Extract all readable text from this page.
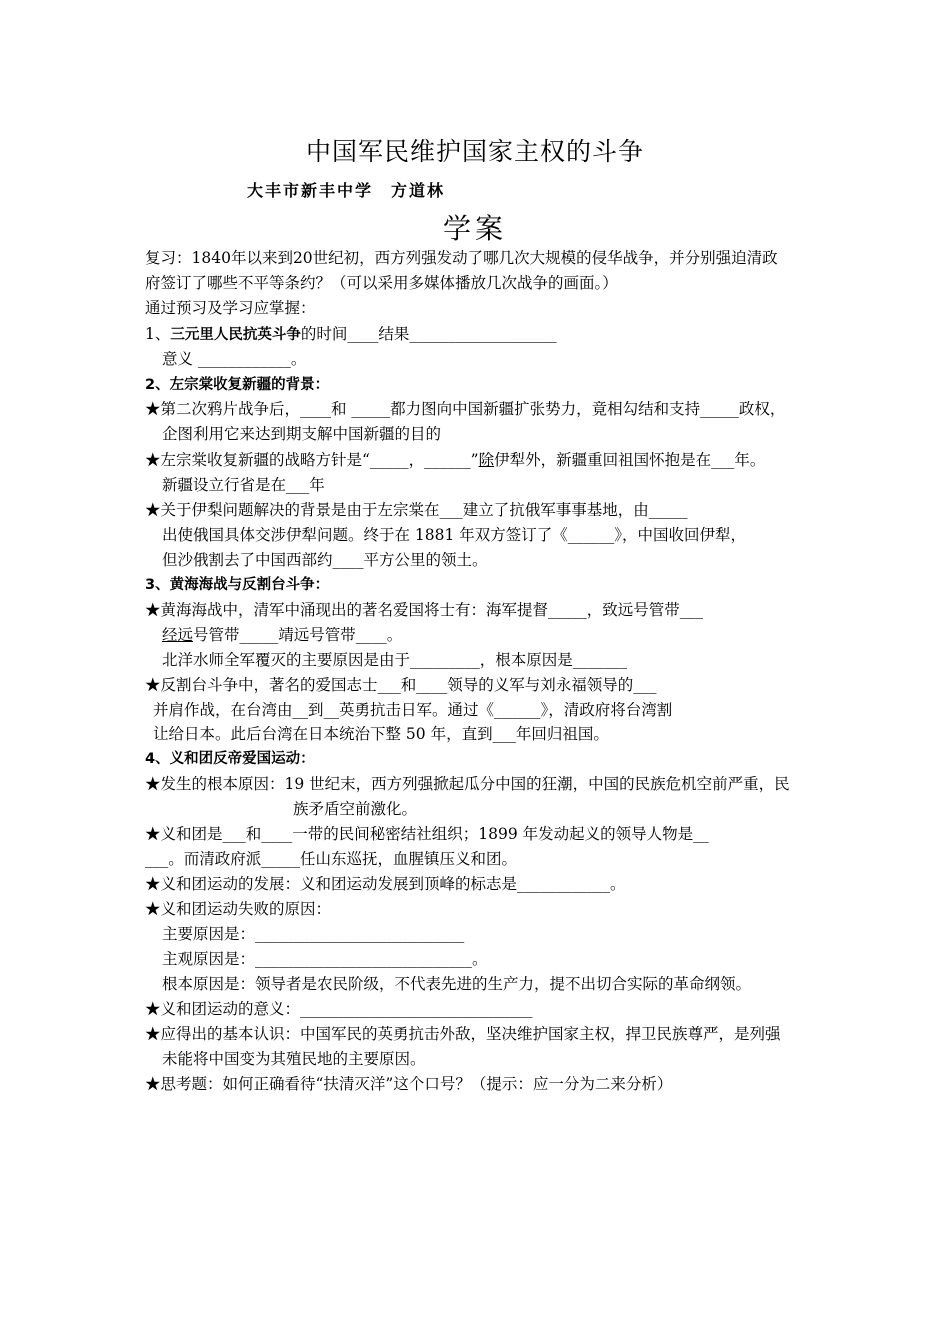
中国军民维护国家主权的斗争
大丰市新丰中学　方道林
学案
复习：1840年以来到20世纪初，西方列强发动了哪几次大规模的侵华战争，并分别强迫清政
府签订了哪些不平等条约？（可以采用多媒体播放几次战争的画面。）
通过预习及学习应掌握：
1、三元里人民抗英斗争的时间____结果___________________
意义 ____________。
2、左宗棠收复新疆的背景：
★第二次鸦片战争后，____和 _____都力图向中国新疆扩张势力，竟相勾结和支持_____政权，
企图利用它来达到期支解中国新疆的目的
★左宗棠收复新疆的战略方针是“_____，______”除伊犁外，新疆重回祖国怀抱是在___年。
新疆设立行省是在___年
★关于伊梨问题解决的背景是由于左宗棠在___建立了抗俄军事事基地，由_____
出使俄国具体交涉伊犁问题。终于在 1881 年双方签订了《______》，中国收回伊犁，
但沙俄割去了中国西部约____平方公里的领土。
3、黄海海战与反割台斗争：
★黄海海战中，清军中涌现出的著名爱国将士有：海军提督_____，致远号管带___
经远号管带_____靖远号管带____。
北洋水师全军覆灭的主要原因是由于_________，根本原因是_______
★反割台斗争中，著名的爱国志士___和____领导的义军与刘永福领导的___
并肩作战，在台湾由__到__英勇抗击日军。通过《______》，清政府将台湾割
让给日本。此后台湾在日本统治下整 50 年，直到___年回归祖国。
4、义和团反帝爱国运动：
★发生的根本原因：19 世纪末，西方列强掀起瓜分中国的狂潮，中国的民族危机空前严重，民
族矛盾空前激化。
★义和团是___和____一带的民间秘密结社组织；1899 年发动起义的领导人物是__
___。而清政府派_____任山东巡抚，血腥镇压义和团。
★义和团运动的发展：义和团运动发展到顶峰的标志是____________。
★义和团运动失败的原因：
主要原因是：___________________________
主观原因是：____________________________。
根本原因是：领导者是农民阶级，不代表先进的生产力，提不出切合实际的革命纲领。
★义和团运动的意义：______________________________
★应得出的基本认识：中国军民的英勇抗击外敌，坚决维护国家主权，捍卫民族尊严，是列强
未能将中国变为其殖民地的主要原因。
★思考题：如何正确看待“扶清灭洋”这个口号？（提示：应一分为二来分析）
